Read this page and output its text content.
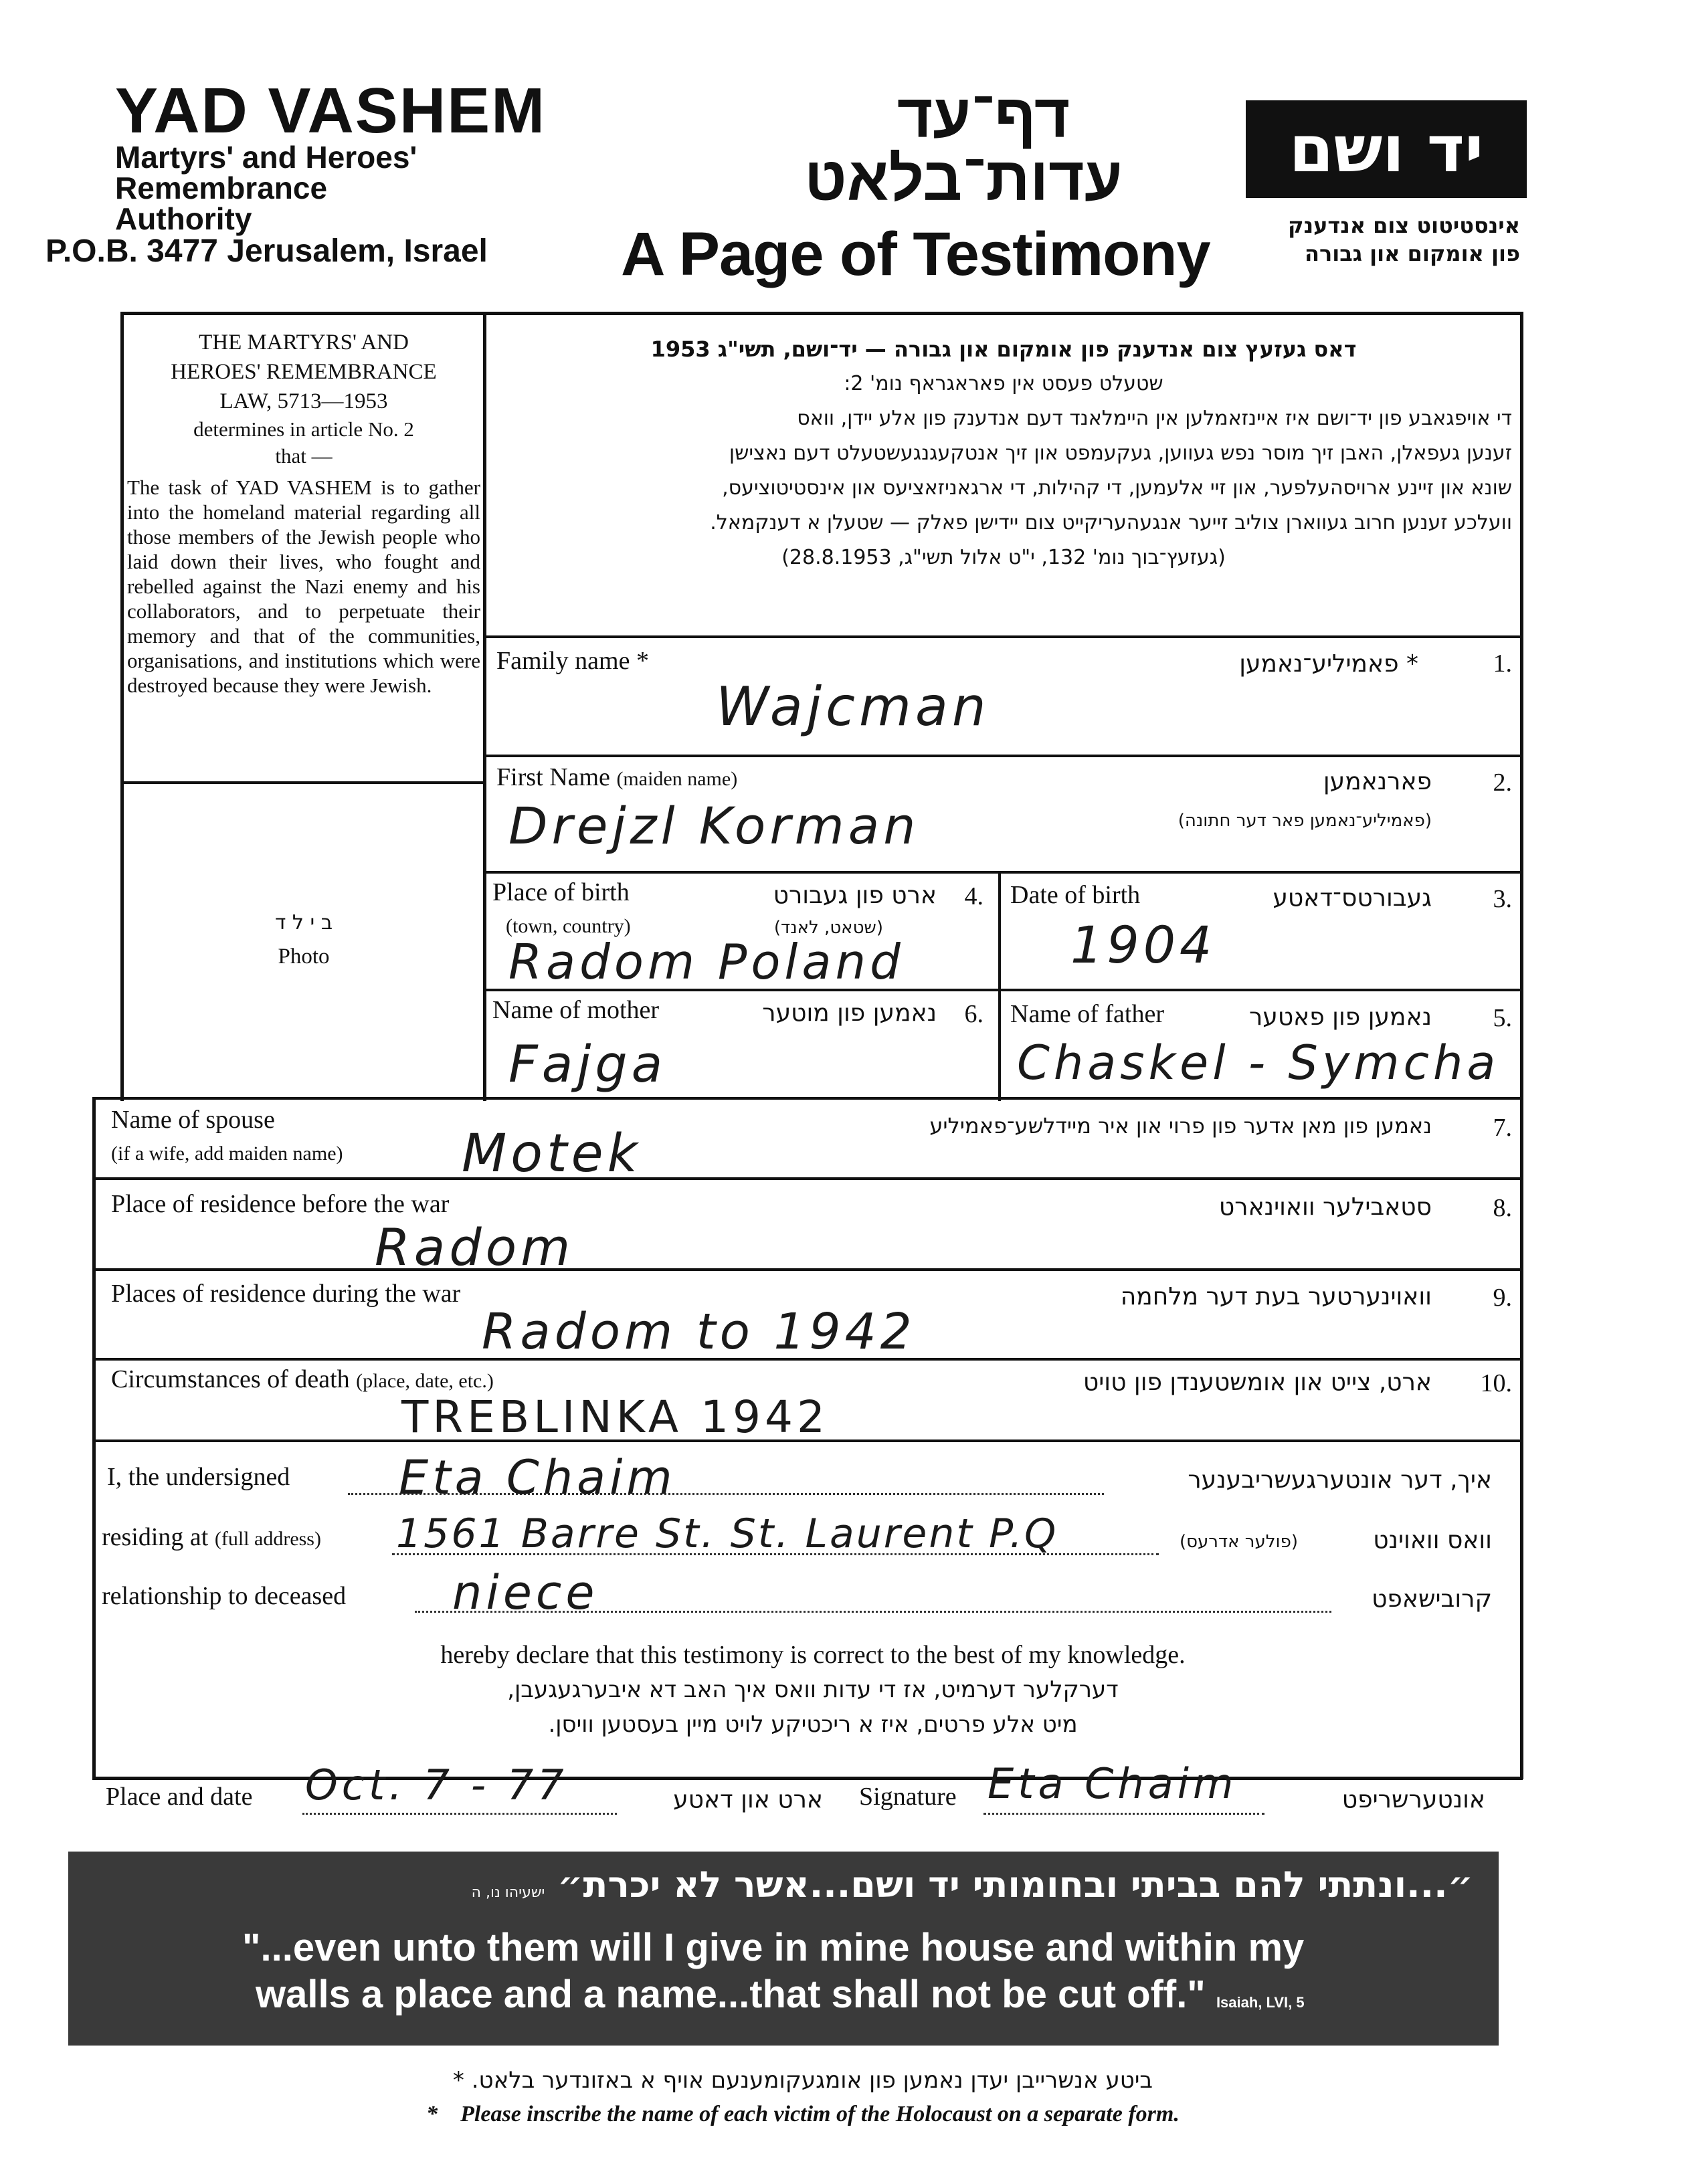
YAD VASHEM
Martyrs' and Heroes'
Remembrance
Authority
P.O.B. 3477 Jerusalem, Israel
דף־עד
עדות־בלאט
A Page of Testimony
יד ושם
אינסטיטוט צום אנדענק
פון אומקום און גבורה
THE MARTYRS' AND
HEROES' REMEMBRANCE
LAW, 5713—1953
determines in article No. 2
that —
The task of YAD VASHEM is to gather into the homeland material regarding all those members of the Jewish people who laid down their lives, who fought and rebelled against the Nazi enemy and his collaborators, and to perpetuate their memory and that of the communities, organisations, and institutions which were destroyed because they were Jewish.
ב י ל ד
Photo
דאס געזעץ צום אנדענק פון אומקום און גבורה — יד־ושם, תשי"ג 1953
שטעלט פעסט אין פאראגראף נומ' 2:
די אויפגאבע פון יד־ושם איז איינזאמלען אין היימלאנד דעם אנדענק פון אלע יידן, וואס
זענען געפאלן, האבן זיך מוסר נפש געווען, געקעמפט און זיך אנטקעגנגעשטעלט דעם נאצישן
שונא און זיינע ארויסהעלפער, און זיי אלעמען, די קהילות, די ארגאניזאציעס און אינסטיטוציעס,
וועלכע זענען חרוב געווארן צוליב זייער אנגעהעריקייט צום יידישן פאלק — שטעלן א דענקמאל.
(געזעץ־בוך נומ' 132, י"ט אלול תשי"ג, 28.8.1953)
Family name *	* פאמיליע־נאמען	.1
Wajcman
First Name (maiden name)	פארנאמען	.2
(פאמיליע־נאמען פאר דער חתונה)
Drejzl Korman
Place of birth
(town, country)
ארט פון געבורט
(שטאט, לאנד)
.4
Radom Poland
Date of birth	געבורטס־דאטע	.3
1904
Name of mother	נאמען פון מוטער	.6
Fajga
Name of father	נאמען פון פאטער	.5
Chaskel - Symcha
Name of spouse
(if a wife, add maiden name)
נאמען פון מאן אדער פון פרוי און איר מיידלשע־פאמיליע	.7
Motek
Place of residence before the war	סטאבילער וואוינארט	.8
Radom
Places of residence during the war	וואוינערטער בעת דער מלחמה	.9
Radom to 1942
Circumstances of death (place, date, etc.)	ארט, צייט און אומשטענדן פון טויט	.10
TREBLINKA 1942
I, the undersigned Eta Chaim	איך, דער אונטערגעשריבענער
residing at (full address) 1561 Barre St. St. Laurent P.Q	(פולער אדרעס)	וואס וואוינט
relationship to deceased niece	קרובישאפט
hereby declare that this testimony is correct to the best of my knowledge.
דערקלער דערמיט, אז די עדות וואס איך האב דא איבערגעגעבן,
מיט אלע פרטים, איז א ריכטיקע לויט מיין בעסטען וויסן.
Place and date Oct. 7 - 77	ארט און דאטע Signature Eta Chaim	אונטערשריפט
״...ונתתי להם בביתי ובחומותי יד ושם...אשר לא יכרת״ ישעיהו נו, ה
"...even unto them will I give in mine house and within my
walls a place and a name...that shall not be cut off." Isaiah, LVI, 5
ביטע אנשרייבן יעדן נאמען פון אומגעקומענעם אויף א באזונדער בלאט. *
*    Please inscribe the name of each victim of the Holocaust on a separate form.
